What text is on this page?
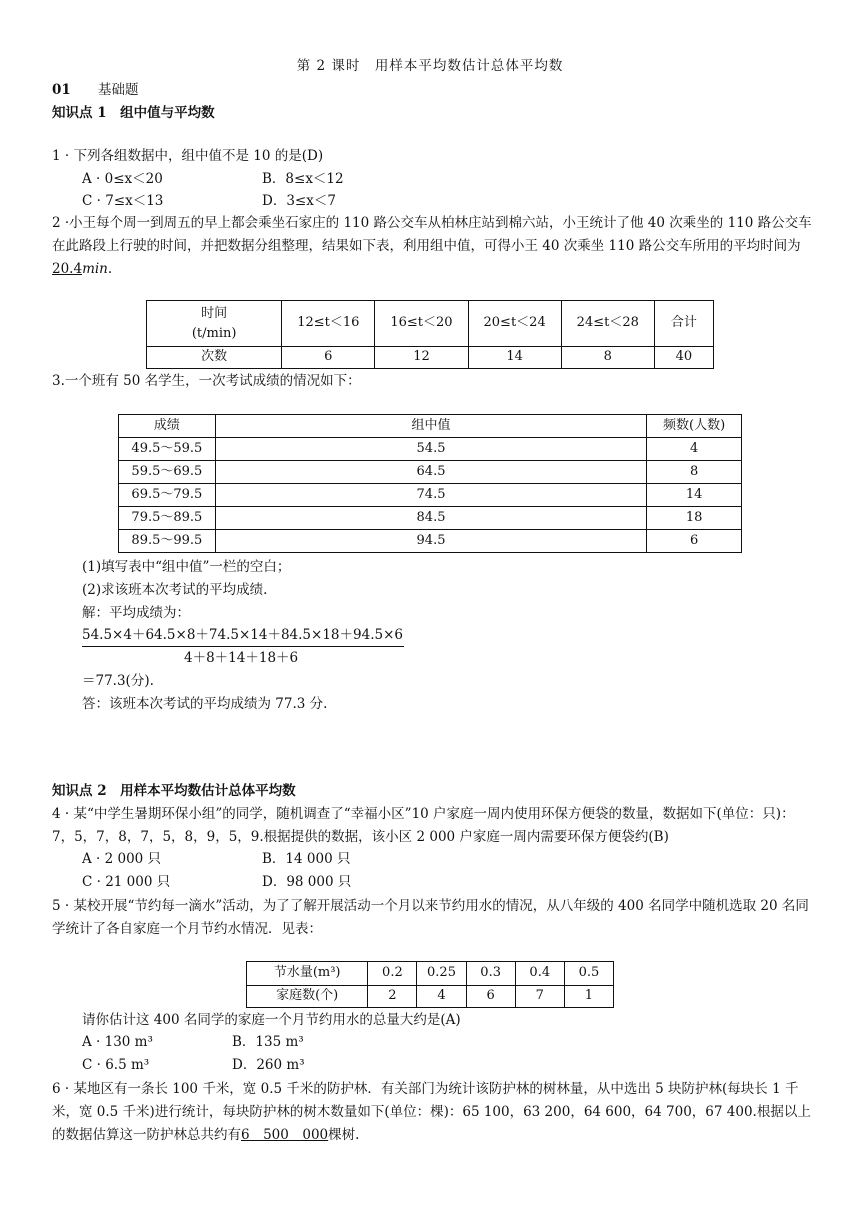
第 2 课时　用样本平均数估计总体平均数
01 基础题
知识点 1　组中值与平均数
1 · 下列各组数据中，组中值不是 10 的是(D)
A · 0≤x＜20	B．8≤x＜12
C · 7≤x＜13	D．3≤x＜7
2 ·小王每个周一到周五的早上都会乘坐石家庄的 110 路公交车从柏林庄站到棉六站，小王统计了他 40 次乘坐的 110 路公交车在此路段上行驶的时间，并把数据分组整理，结果如下表，利用组中值，可得小王 40 次乘坐 110 路公交车所用的平均时间为20.4min.
时间
(t/min)	12≤t＜16	16≤t＜20	20≤t＜24	24≤t＜28	合计
次数	6	12	14	8	40
3.一个班有 50 名学生，一次考试成绩的情况如下：
成绩	组中值	频数(人数)
49.5～59.5	54.5	4
59.5～69.5	64.5	8
69.5～79.5	74.5	14
79.5～89.5	84.5	18
89.5～99.5	94.5	6
(1)填写表中“组中值”一栏的空白；
(2)求该班本次考试的平均成绩.
解：平均成绩为：
54.5×4＋64.5×8＋74.5×14＋84.5×18＋94.5×6
4＋8＋14＋18＋6
＝77.3(分).
答：该班本次考试的平均成绩为 77.3 分.
知识点 2　用样本平均数估计总体平均数
4 · 某“中学生暑期环保小组”的同学，随机调查了“幸福小区”10 户家庭一周内使用环保方便袋的数量，数据如下(单位：只)：7，5，7，8，7，5，8，9，5，9.根据提供的数据，该小区 2 000 户家庭一周内需要环保方便袋约(B)
A · 2 000 只	B．14 000 只
C · 21 000 只	D．98 000 只
5 · 某校开展“节约每一滴水”活动，为了了解开展活动一个月以来节约用水的情况，从八年级的 400 名同学中随机选取 20 名同学统计了各自家庭一个月节约水情况．见表：
节水量(m³)	0.2	0.25	0.3	0.4	0.5
家庭数(个)	2	4	6	7	1
请你估计这 400 名同学的家庭一个月节约用水的总量大约是(A)
A · 130 m³	B．135 m³
C · 6.5 m³	D．260 m³
6 · 某地区有一条长 100 千米，宽 0.5 千米的防护林．有关部门为统计该防护林的树林量，从中选出 5 块防护林(每块长 1 千米，宽 0.5 千米)进行统计，每块防护林的树木数量如下(单位：棵)：65 100，63 200，64 600，64 700，67 400.根据以上的数据估算这一防护林总共约有6　500　000棵树.
